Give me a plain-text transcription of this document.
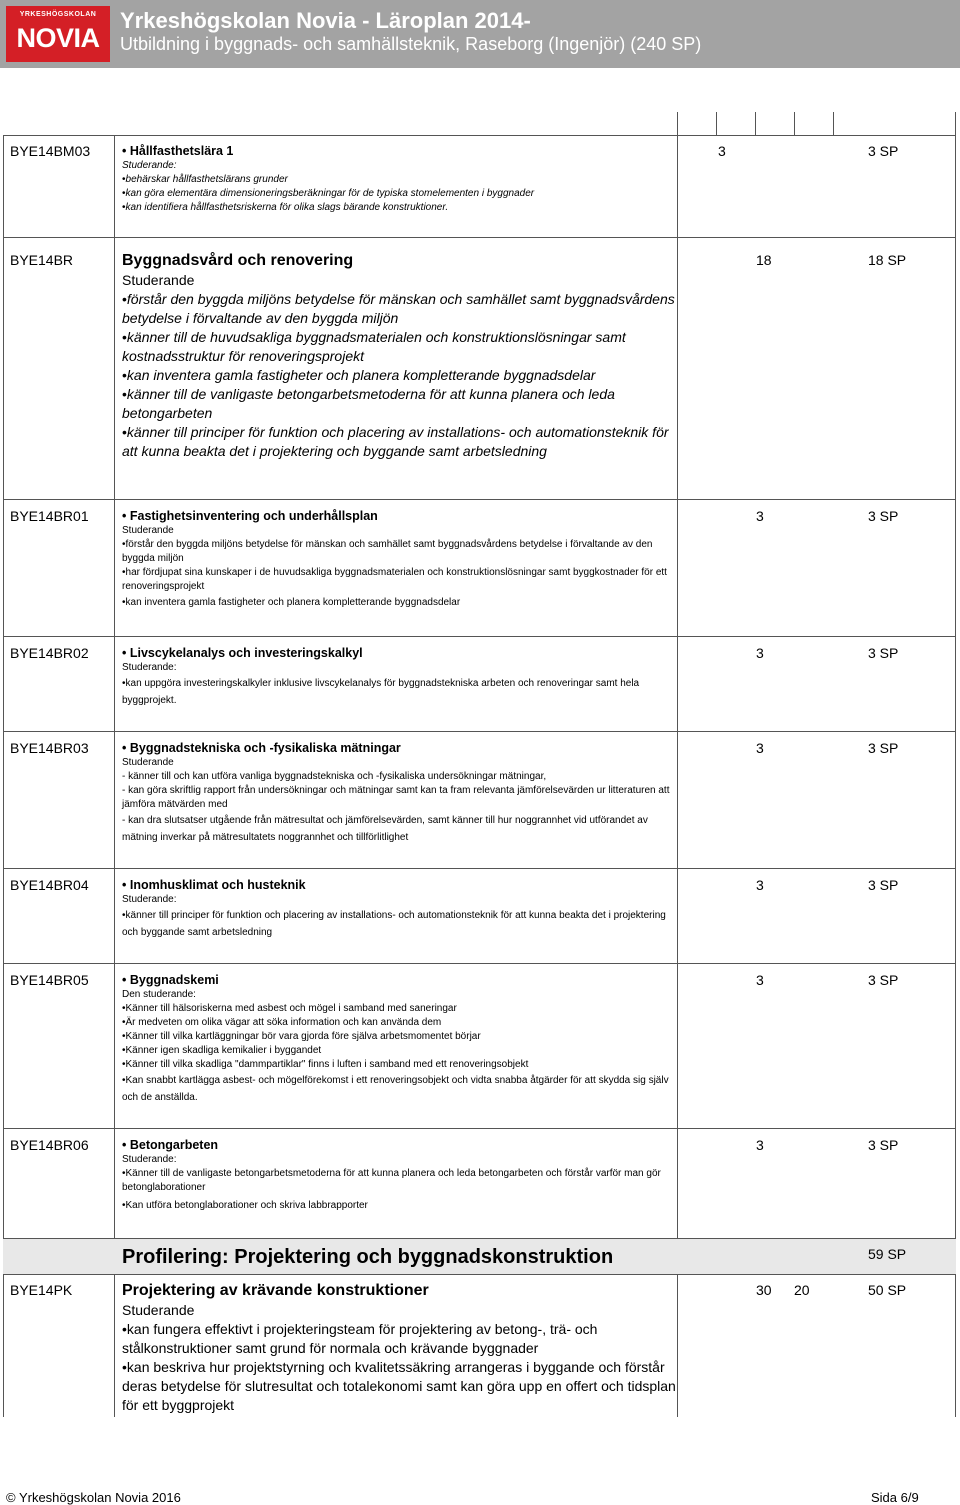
YRKESHÖGSKOLAN
NOVIA
Yrkeshögskolan Novia - Läroplan 2014-
Utbildning i byggnads- och samhällsteknik, Raseborg (Ingenjör) (240 SP)
BYE14BM03	• Hållfasthetslära 1
Studerande:
• behärskar hållfasthetslärans grunder
• kan göra elementära dimensioneringsberäkningar för de typiska stomelementen i byggnader
• kan identifiera hållfasthetsriskerna för olika slags bärande konstruktioner.
3	3 SP
BYE14BR	Byggnadsvård och renovering
Studerande
• förstår den byggda miljöns betydelse för mänskan och samhället samt byggnadsvårdens betydelse i förvaltande av den byggda miljön
• känner till de huvudsakliga byggnadsmaterialen och konstruktionslösningar samt kostnadsstruktur för renoveringsprojekt
• kan inventera gamla fastigheter och planera kompletterande byggnadsdelar
• känner till de vanligaste betongarbetsmetoderna för att kunna planera och leda betongarbeten
• känner till principer för funktion och placering av installations- och automationsteknik för att kunna beakta det i projektering och byggande samt arbetsledning
18	18 SP
BYE14BR01	• Fastighetsinventering och underhållsplan
Studerande
• förstår den byggda miljöns betydelse för mänskan och samhället samt byggnadsvårdens betydelse i förvaltande av den byggda miljön
• har fördjupat sina kunskaper i de huvudsakliga byggnadsmaterialen och konstruktionslösningar samt byggkostnader för ett renoveringsprojekt
• kan inventera gamla fastigheter och planera kompletterande byggnadsdelar
3	3 SP
BYE14BR02	• Livscykelanalys och investeringskalkyl
Studerande:
• kan uppgöra investeringskalkyler inklusive livscykelanalys för byggnadstekniska arbeten och renoveringar samt hela byggprojekt.
3	3 SP
BYE14BR03	• Byggnadstekniska och -fysikaliska mätningar
Studerande
- känner till och kan utföra vanliga byggnadstekniska och -fysikaliska undersökningar mätningar,
- kan göra skriftlig rapport från undersökningar och mätningar samt kan ta fram relevanta jämförelsevärden ur litteraturen att jämföra mätvärden med
- kan dra slutsatser utgående från mätresultat och jämförelsevärden, samt känner till hur noggrannhet vid utförandet av mätning inverkar på mätresultatets noggrannhet och tillförlitlighet
3	3 SP
BYE14BR04	• Inomhusklimat och husteknik
Studerande:
• känner till principer för funktion och placering av installations- och automationsteknik för att kunna beakta det i projektering och byggande samt arbetsledning
3	3 SP
BYE14BR05	• Byggnadskemi
Den studerande:
• Känner till hälsoriskerna med asbest och mögel i samband med saneringar
• Är medveten om olika vägar att söka information och kan använda dem
• Känner till vilka kartläggningar bör vara gjorda före själva arbetsmomentet börjar
• Känner igen skadliga kemikalier i byggandet
• Känner till vilka skadliga "dammpartiklar" finns i luften i samband med ett renoveringsobjekt
• Kan snabbt kartlägga asbest- och mögelförekomst i ett renoveringsobjekt och vidta snabba åtgärder för att skydda sig själv och de anställda.
3	3 SP
BYE14BR06	• Betongarbeten
Studerande:
• Känner till de vanligaste betongarbetsmetoderna för att kunna planera och leda betongarbeten och förstår varför man gör betonglaborationer
• Kan utföra betonglaborationer och skriva labbrapporter
3	3 SP
Profilering: Projektering och byggnadskonstruktion	59 SP
BYE14PK	Projektering av krävande konstruktioner
Studerande
• kan fungera effektivt i projekteringsteam för projektering av betong-, trä- och stålkonstruktioner samt grund för normala och krävande byggnader
• kan beskriva hur projektstyrning och kvalitetssäkring arrangeras i byggande och förstår deras betydelse för slutresultat och totalekonomi samt kan göra upp en offert och tidsplan för ett byggprojekt
30 20	50 SP
© Yrkeshögskolan Novia 2016	Sida 6/9
